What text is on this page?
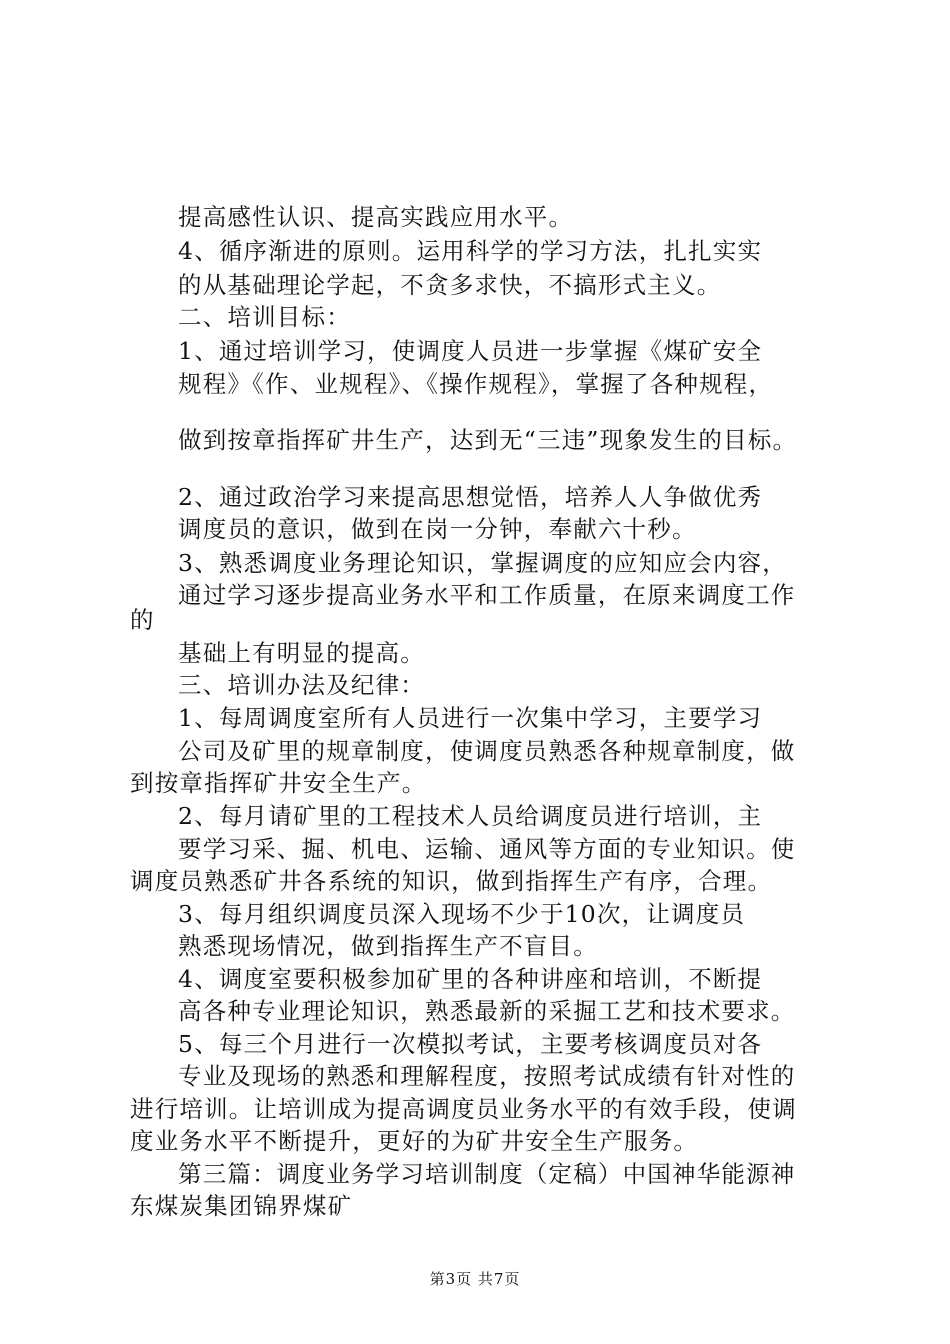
提高感性认识、提高实践应用水平。
4、循序渐进的原则。运用科学的学习方法，扎扎实实
的从基础理论学起，不贪多求快，不搞形式主义。
二、培训目标：
1、通过培训学习，使调度人员进一步掌握《煤矿安全
规程》《作、业规程》、《操作规程》，掌握了各种规程，
做到按章指挥矿井生产，达到无“三违”现象发生的目标。
2、通过政治学习来提高思想觉悟，培养人人争做优秀
调度员的意识，做到在岗一分钟，奉献六十秒。
3、熟悉调度业务理论知识，掌握调度的应知应会内容，
通过学习逐步提高业务水平和工作质量，在原来调度工作
的
基础上有明显的提高。
三、培训办法及纪律：
1、每周调度室所有人员进行一次集中学习，主要学习
公司及矿里的规章制度，使调度员熟悉各种规章制度，做
到按章指挥矿井安全生产。
2、每月请矿里的工程技术人员给调度员进行培训，主
要学习采、掘、机电、运输、通风等方面的专业知识。使
调度员熟悉矿井各系统的知识，做到指挥生产有序，合理。
3、每月组织调度员深入现场不少于10次，让调度员
熟悉现场情况，做到指挥生产不盲目。
4、调度室要积极参加矿里的各种讲座和培训，不断提
高各种专业理论知识，熟悉最新的采掘工艺和技术要求。
5、每三个月进行一次模拟考试，主要考核调度员对各
专业及现场的熟悉和理解程度，按照考试成绩有针对性的
进行培训。让培训成为提高调度员业务水平的有效手段，使调
度业务水平不断提升，更好的为矿井安全生产服务。
第三篇：调度业务学习培训制度（定稿）中国神华能源神
东煤炭集团锦界煤矿
第3页 共7页
